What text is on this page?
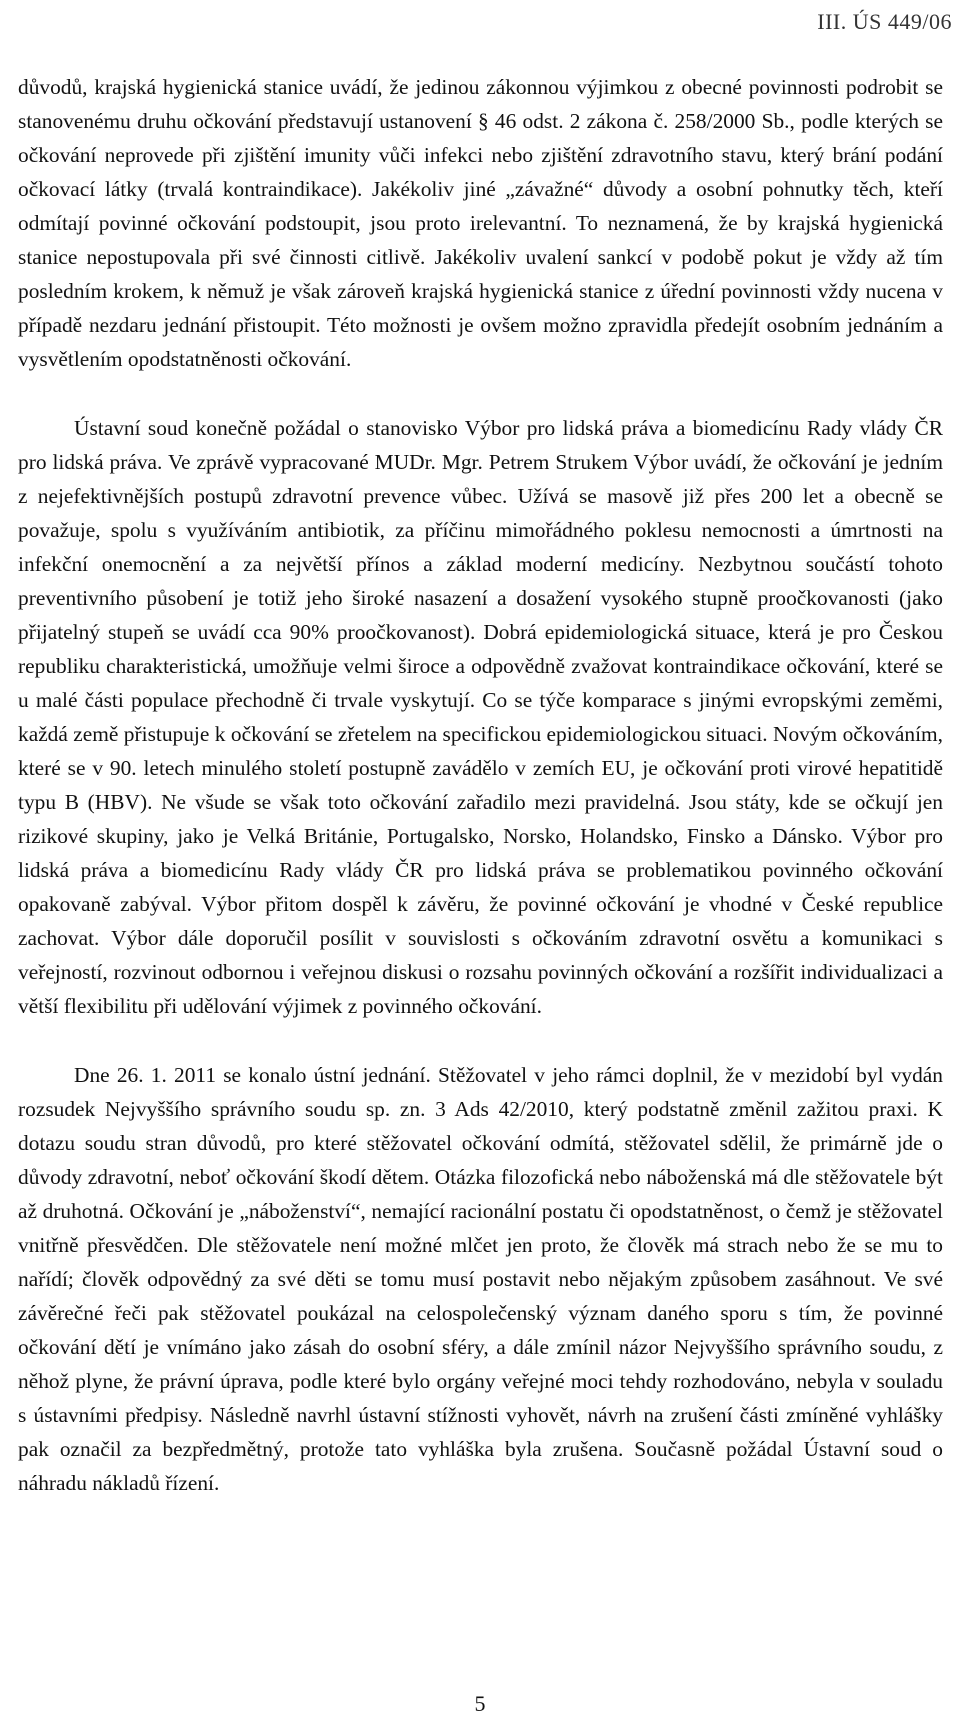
III. ÚS 449/06

důvodů, krajská hygienická stanice uvádí, že jedinou zákonnou výjimkou z obecné povinnosti podrobit se stanovenému druhu očkování představují ustanovení § 46 odst. 2 zákona č. 258/2000 Sb., podle kterých se očkování neprovede při zjištění imunity vůči infekci nebo zjištění zdravotního stavu, který brání podání očkovací látky (trvalá kontraindikace). Jakékoliv jiné „závažné“ důvody a osobní pohnutky těch, kteří odmítají povinné očkování podstoupit, jsou proto irelevantní. To neznamená, že by krajská hygienická stanice nepostupovala při své činnosti citlivě. Jakékoliv uvalení sankcí v podobě pokut je vždy až tím posledním krokem, k němuž je však zároveň krajská hygienická stanice z úřední povinnosti vždy nucena v případě nezdaru jednání přistoupit. Této možnosti je ovšem možno zpravidla předejít osobním jednáním a vysvětlením opodstatněnosti očkování.

Ústavní soud konečně požádal o stanovisko Výbor pro lidská práva a biomedicínu Rady vlády ČR pro lidská práva. Ve zprávě vypracované MUDr. Mgr. Petrem Strukem Výbor uvádí, že očkování je jedním z nejefektivnějších postupů zdravotní prevence vůbec. Užívá se masově již přes 200 let a obecně se považuje, spolu s využíváním antibiotik, za příčinu mimořádného poklesu nemocnosti a úmrtnosti na infekční onemocnění a za největší přínos a základ moderní medicíny. Nezbytnou součástí tohoto preventivního působení je totiž jeho široké nasazení a dosažení vysokého stupně proočkovanosti (jako přijatelný stupeň se uvádí cca 90% proočkovanost). Dobrá epidemiologická situace, která je pro Českou republiku charakteristická, umožňuje velmi široce a odpovědně zvažovat kontraindikace očkování, které se u malé části populace přechodně či trvale vyskytují. Co se týče komparace s jinými evropskými zeměmi, každá země přistupuje k očkování se zřetelem na specifickou epidemiologickou situaci. Novým očkováním, které se v 90. letech minulého století postupně zavádělo v zemích EU, je očkování proti virové hepatitidě typu B (HBV). Ne všude se však toto očkování zařadilo mezi pravidelná. Jsou státy, kde se očkují jen rizikové skupiny, jako je Velká Británie, Portugalsko, Norsko, Holandsko, Finsko a Dánsko. Výbor pro lidská práva a biomedicínu Rady vlády ČR pro lidská práva se problematikou povinného očkování opakovaně zabýval. Výbor přitom dospěl k závěru, že povinné očkování je vhodné v České republice zachovat. Výbor dále doporučil posílit v souvislosti s očkováním zdravotní osvětu a komunikaci s veřejností, rozvinout odbornou i veřejnou diskusi o rozsahu povinných očkování a rozšířit individualizaci a větší flexibilitu při udělování výjimek z povinného očkování.

Dne 26. 1. 2011 se konalo ústní jednání. Stěžovatel v jeho rámci doplnil, že v mezidobí byl vydán rozsudek Nejvyššího správního soudu sp. zn. 3 Ads 42/2010, který podstatně změnil zažitou praxi. K dotazu soudu stran důvodů, pro které stěžovatel očkování odmítá, stěžovatel sdělil, že primárně jde o důvody zdravotní, neboť očkování škodí dětem. Otázka filozofická nebo náboženská má dle stěžovatele být až druhotná. Očkování je „náboženství“, nemající racionální postatu či opodstatněnost, o čemž je stěžovatel vnitřně přesvědčen. Dle stěžovatele není možné mlčet jen proto, že člověk má strach nebo že se mu to nařídí; člověk odpovědný za své děti se tomu musí postavit nebo nějakým způsobem zasáhnout. Ve své závěrečné řeči pak stěžovatel poukázal na celospolečenský význam daného sporu s tím, že povinné očkování dětí je vnímáno jako zásah do osobní sféry, a dále zmínil názor Nejvyššího správního soudu, z něhož plyne, že právní úprava, podle které bylo orgány veřejné moci tehdy rozhodováno, nebyla v souladu s ústavními předpisy. Následně navrhl ústavní stížnosti vyhovět, návrh na zrušení části zmíněné vyhlášky pak označil za bezpředmětný, protože tato vyhláška byla zrušena. Současně požádal Ústavní soud o náhradu nákladů řízení.

5
